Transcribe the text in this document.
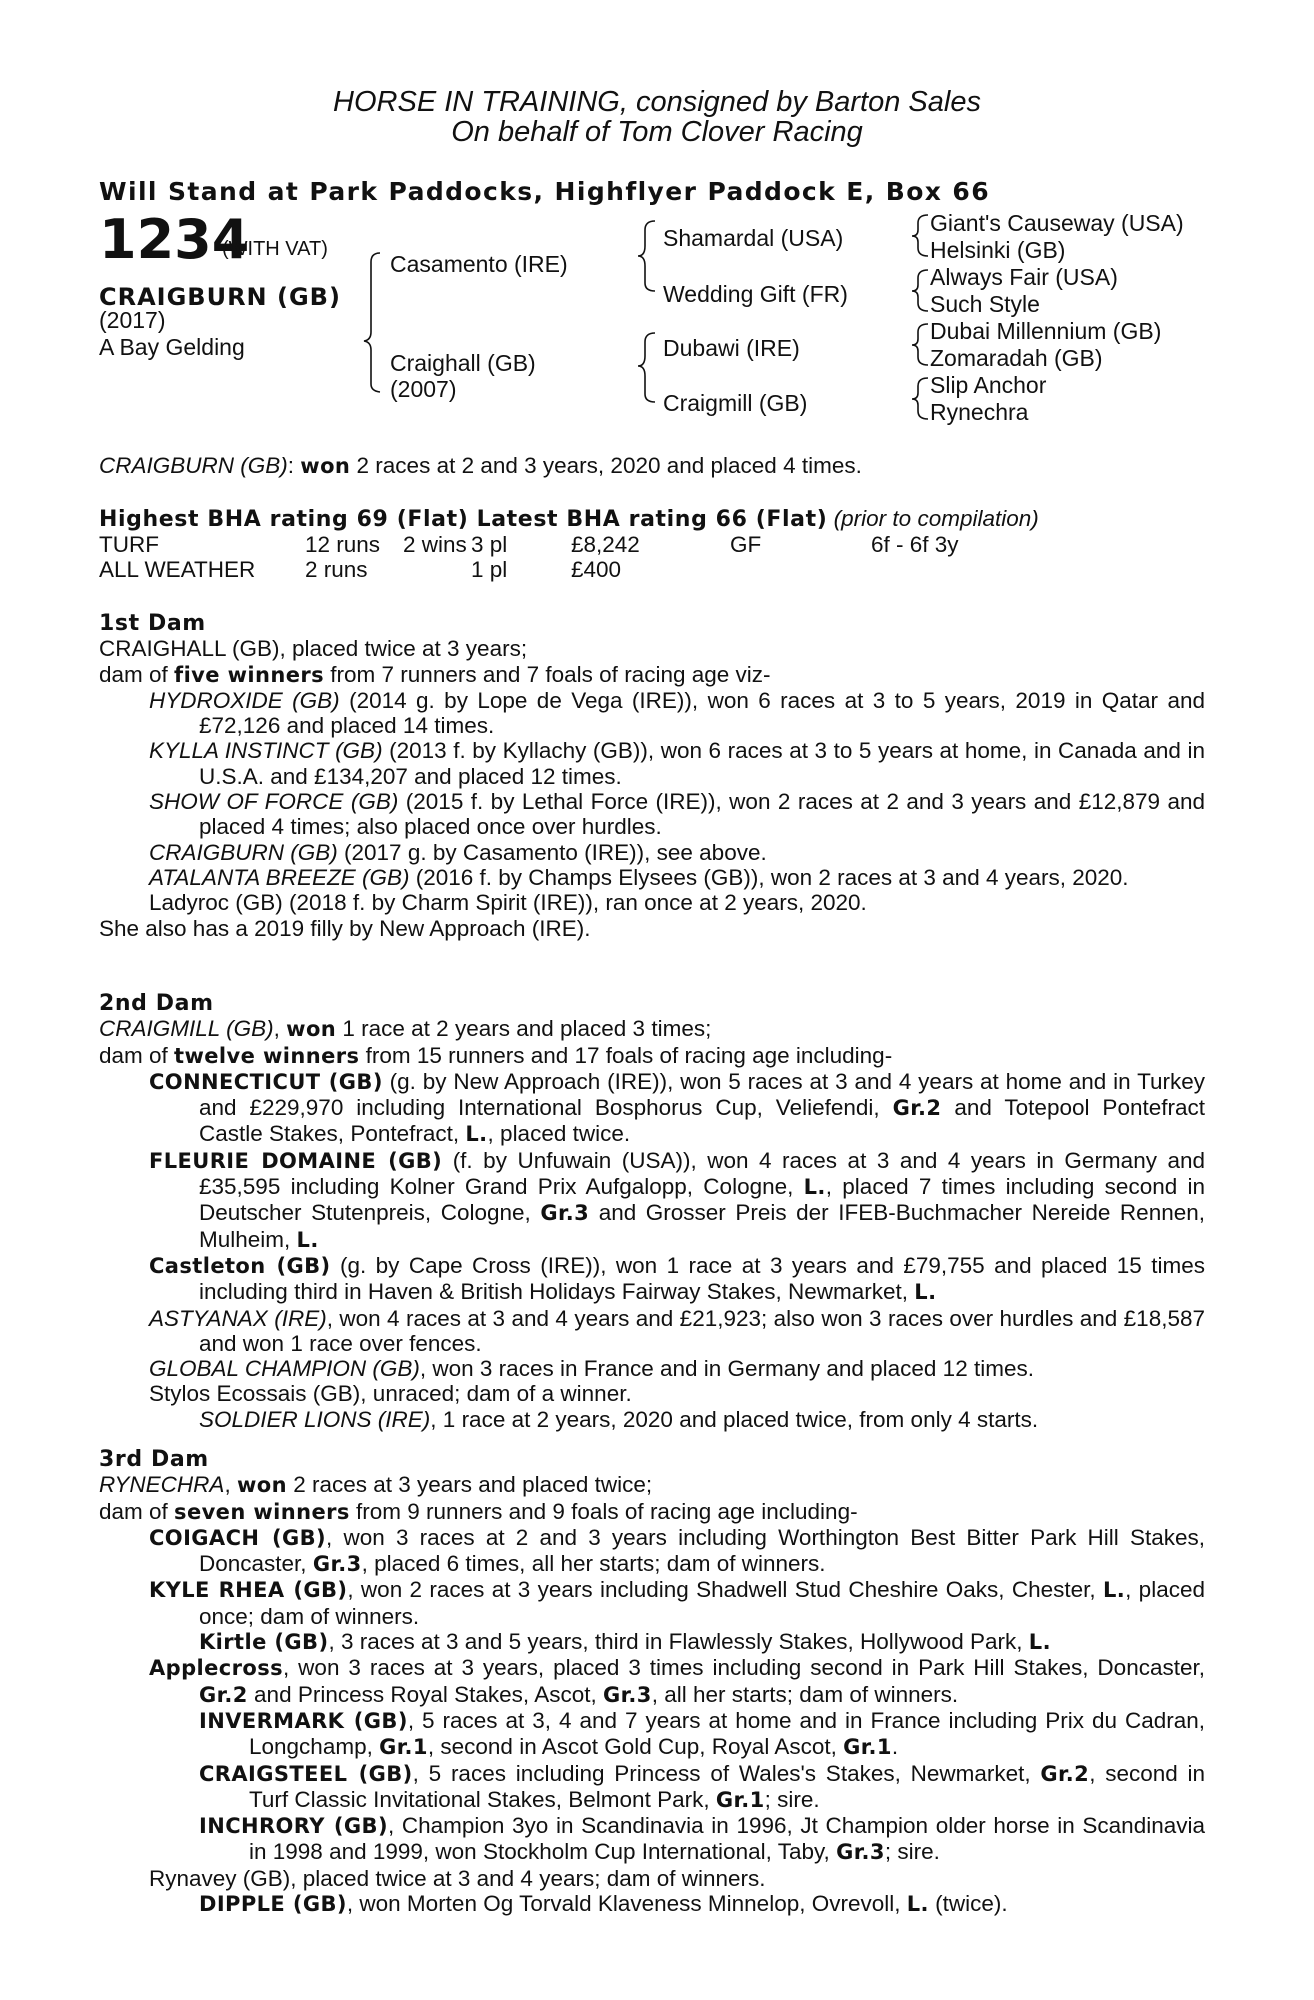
HORSE IN TRAINING, consigned by Barton Sales
On behalf of Tom Clover Racing
Will Stand at Park Paddocks, Highflyer Paddock E, Box 66
1234
(WITH VAT)
CRAIGBURN (GB)
(2017)
A Bay Gelding
Casamento (IRE)
Craighall (GB)
(2007)
Shamardal (USA)
Wedding Gift (FR)
Dubawi (IRE)
Craigmill (GB)
Giant's Causeway (USA)
Helsinki (GB)
Always Fair (USA)
Such Style
Dubai Millennium (GB)
Zomaradah (GB)
Slip Anchor
Rynechra

CRAIGBURN (GB): won 2 races at 2 and 3 years, 2020 and placed 4 times.

Highest BHA rating 69 (Flat) Latest BHA rating 66 (Flat) (prior to compilation)

TURF	12 runs	2 wins	3 pl	£8,242	GF	6f - 6f 3y
ALL WEATHER	2 runs		1 pl	£400		

1st Dam

CRAIGHALL (GB), placed twice at 3 years;

dam of five winners from 7 runners and 7 foals of racing age viz-

HYDROXIDE (GB) (2014 g. by Lope de Vega (IRE)), won 6 races at 3 to 5 years, 2019 in Qatar and £72,126 and placed 14 times.

KYLLA INSTINCT (GB) (2013 f. by Kyllachy (GB)), won 6 races at 3 to 5 years at home, in Canada and in U.S.A. and £134,207 and placed 12 times.

SHOW OF FORCE (GB) (2015 f. by Lethal Force (IRE)), won 2 races at 2 and 3 years and £12,879 and placed 4 times; also placed once over hurdles.

CRAIGBURN (GB) (2017 g. by Casamento (IRE)), see above.

ATALANTA BREEZE (GB) (2016 f. by Champs Elysees (GB)), won 2 races at 3 and 4 years, 2020.

Ladyroc (GB) (2018 f. by Charm Spirit (IRE)), ran once at 2 years, 2020.

She also has a 2019 filly by New Approach (IRE).

2nd Dam

CRAIGMILL (GB), won 1 race at 2 years and placed 3 times;

dam of twelve winners from 15 runners and 17 foals of racing age including-

CONNECTICUT (GB) (g. by New Approach (IRE)), won 5 races at 3 and 4 years at home and in Turkey and £229,970 including International Bosphorus Cup, Veliefendi, Gr.2 and Totepool Pontefract Castle Stakes, Pontefract, L., placed twice.

FLEURIE DOMAINE (GB) (f. by Unfuwain (USA)), won 4 races at 3 and 4 years in Germany and £35,595 including Kolner Grand Prix Aufgalopp, Cologne, L., placed 7 times including second in Deutscher Stutenpreis, Cologne, Gr.3 and Grosser Preis der IFEB-Buchmacher Nereide Rennen, Mulheim, L.

Castleton (GB) (g. by Cape Cross (IRE)), won 1 race at 3 years and £79,755 and placed 15 times including third in Haven & British Holidays Fairway Stakes, Newmarket, L.

ASTYANAX (IRE), won 4 races at 3 and 4 years and £21,923; also won 3 races over hurdles and £18,587 and won 1 race over fences.

GLOBAL CHAMPION (GB), won 3 races in France and in Germany and placed 12 times.

Stylos Ecossais (GB), unraced; dam of a winner.

SOLDIER LIONS (IRE), 1 race at 2 years, 2020 and placed twice, from only 4 starts.

3rd Dam

RYNECHRA, won 2 races at 3 years and placed twice;

dam of seven winners from 9 runners and 9 foals of racing age including-

COIGACH (GB), won 3 races at 2 and 3 years including Worthington Best Bitter Park Hill Stakes, Doncaster, Gr.3, placed 6 times, all her starts; dam of winners.

KYLE RHEA (GB), won 2 races at 3 years including Shadwell Stud Cheshire Oaks, Chester, L., placed once; dam of winners.

Kirtle (GB), 3 races at 3 and 5 years, third in Flawlessly Stakes, Hollywood Park, L.

Applecross, won 3 races at 3 years, placed 3 times including second in Park Hill Stakes, Doncaster, Gr.2 and Princess Royal Stakes, Ascot, Gr.3, all her starts; dam of winners.

INVERMARK (GB), 5 races at 3, 4 and 7 years at home and in France including Prix du Cadran, Longchamp, Gr.1, second in Ascot Gold Cup, Royal Ascot, Gr.1.

CRAIGSTEEL (GB), 5 races including Princess of Wales's Stakes, Newmarket, Gr.2, second in Turf Classic Invitational Stakes, Belmont Park, Gr.1; sire.

INCHRORY (GB), Champion 3yo in Scandinavia in 1996, Jt Champion older horse in Scandinavia in 1998 and 1999, won Stockholm Cup International, Taby, Gr.3; sire.

Rynavey (GB), placed twice at 3 and 4 years; dam of winners.

DIPPLE (GB), won Morten Og Torvald Klaveness Minnelop, Ovrevoll, L. (twice).
